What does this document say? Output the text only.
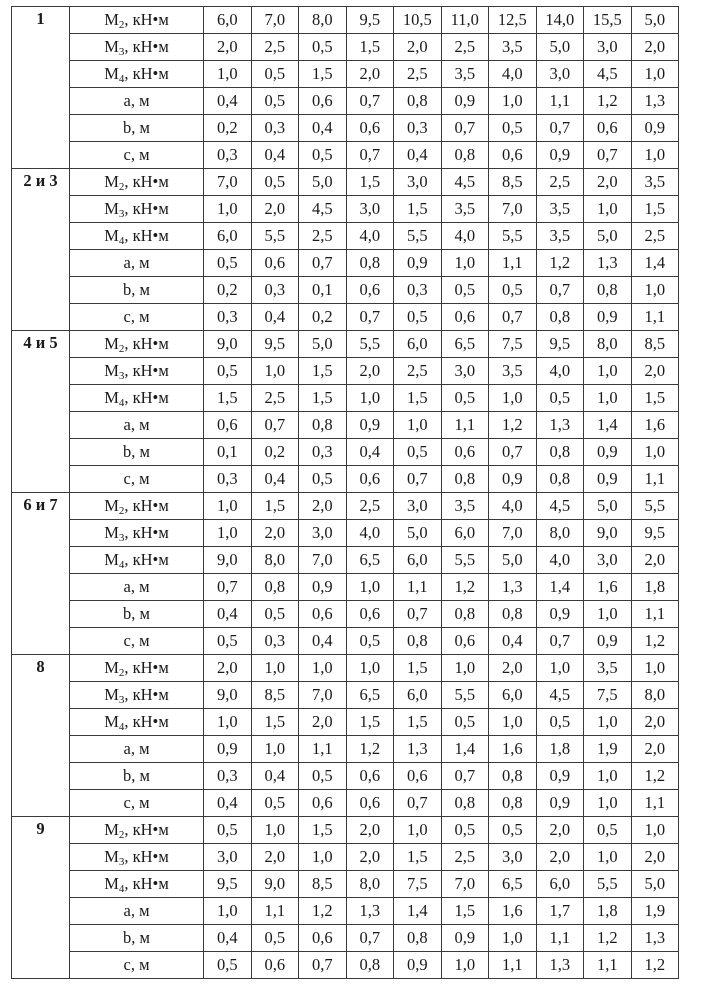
1	$M_2$, кН•м	6,0	7,0	8,0	9,5	10,5	11,0	12,5	14,0	15,5	5,0
	$M_3$, кН•м	2,0	2,5	0,5	1,5	2,0	2,5	3,5	5,0	3,0	2,0
	$M_4$, кН•м	1,0	0,5	1,5	2,0	2,5	3,5	4,0	3,0	4,5	1,0
	a, м	0,4	0,5	0,6	0,7	0,8	0,9	1,0	1,1	1,2	1,3
	b, м	0,2	0,3	0,4	0,6	0,3	0,7	0,5	0,7	0,6	0,9
	c, м	0,3	0,4	0,5	0,7	0,4	0,8	0,6	0,9	0,7	1,0
2 и 3	$M_2$, кН•м	7,0	0,5	5,0	1,5	3,0	4,5	8,5	2,5	2,0	3,5
	$M_3$, кН•м	1,0	2,0	4,5	3,0	1,5	3,5	7,0	3,5	1,0	1,5
	$M_4$, кН•м	6,0	5,5	2,5	4,0	5,5	4,0	5,5	3,5	5,0	2,5
	a, м	0,5	0,6	0,7	0,8	0,9	1,0	1,1	1,2	1,3	1,4
	b, м	0,2	0,3	0,1	0,6	0,3	0,5	0,5	0,7	0,8	1,0
	c, м	0,3	0,4	0,2	0,7	0,5	0,6	0,7	0,8	0,9	1,1
4 и 5	$M_2$, кН•м	9,0	9,5	5,0	5,5	6,0	6,5	7,5	9,5	8,0	8,5
	$M_3$, кН•м	0,5	1,0	1,5	2,0	2,5	3,0	3,5	4,0	1,0	2,0
	$M_4$, кН•м	1,5	2,5	1,5	1,0	1,5	0,5	1,0	0,5	1,0	1,5
	a, м	0,6	0,7	0,8	0,9	1,0	1,1	1,2	1,3	1,4	1,6
	b, м	0,1	0,2	0,3	0,4	0,5	0,6	0,7	0,8	0,9	1,0
	c, м	0,3	0,4	0,5	0,6	0,7	0,8	0,9	0,8	0,9	1,1
6 и 7	$M_2$, кН•м	1,0	1,5	2,0	2,5	3,0	3,5	4,0	4,5	5,0	5,5
	$M_3$, кН•м	1,0	2,0	3,0	4,0	5,0	6,0	7,0	8,0	9,0	9,5
	$M_4$, кН•м	9,0	8,0	7,0	6,5	6,0	5,5	5,0	4,0	3,0	2,0
	a, м	0,7	0,8	0,9	1,0	1,1	1,2	1,3	1,4	1,6	1,8
	b, м	0,4	0,5	0,6	0,6	0,7	0,8	0,8	0,9	1,0	1,1
	c, м	0,5	0,3	0,4	0,5	0,8	0,6	0,4	0,7	0,9	1,2
8	$M_2$, кН•м	2,0	1,0	1,0	1,0	1,5	1,0	2,0	1,0	3,5	1,0
	$M_3$, кН•м	9,0	8,5	7,0	6,5	6,0	5,5	6,0	4,5	7,5	8,0
	$M_4$, кН•м	1,0	1,5	2,0	1,5	1,5	0,5	1,0	0,5	1,0	2,0
	a, м	0,9	1,0	1,1	1,2	1,3	1,4	1,6	1,8	1,9	2,0
	b, м	0,3	0,4	0,5	0,6	0,6	0,7	0,8	0,9	1,0	1,2
	c, м	0,4	0,5	0,6	0,6	0,7	0,8	0,8	0,9	1,0	1,1
9	$M_2$, кН•м	0,5	1,0	1,5	2,0	1,0	0,5	0,5	2,0	0,5	1,0
	$M_3$, кН•м	3,0	2,0	1,0	2,0	1,5	2,5	3,0	2,0	1,0	2,0
	$M_4$, кН•м	9,5	9,0	8,5	8,0	7,5	7,0	6,5	6,0	5,5	5,0
	a, м	1,0	1,1	1,2	1,3	1,4	1,5	1,6	1,7	1,8	1,9
	b, м	0,4	0,5	0,6	0,7	0,8	0,9	1,0	1,1	1,2	1,3
	c, м	0,5	0,6	0,7	0,8	0,9	1,0	1,1	1,3	1,1	1,2
